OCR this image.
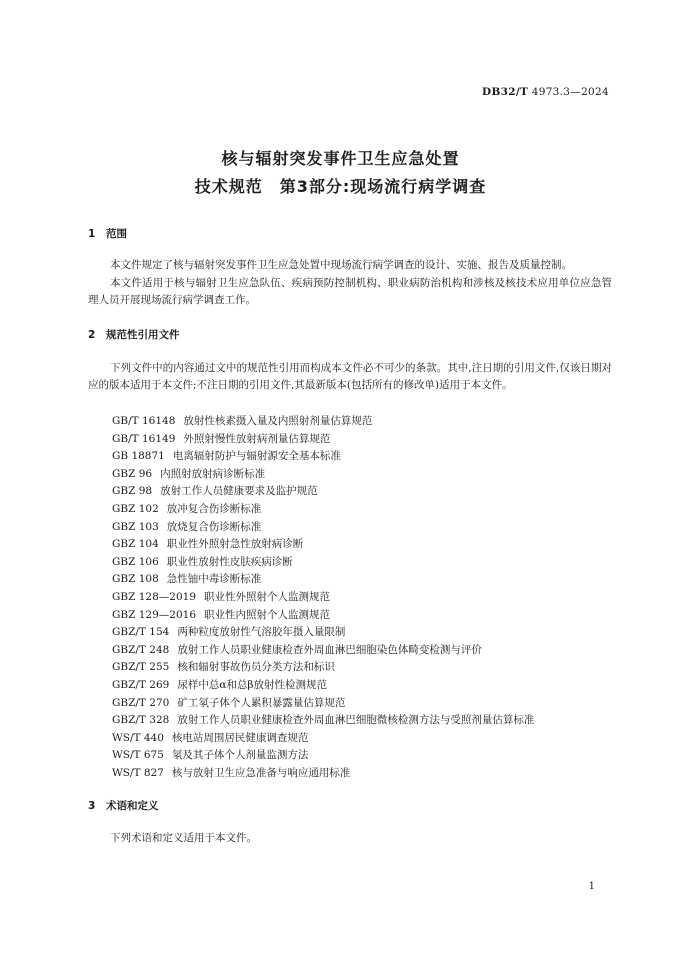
DB32/T 4973.3—2024
核与辐射突发事件卫生应急处置
技术规范　第3部分:现场流行病学调查
1 范围
本文件规定了核与辐射突发事件卫生应急处置中现场流行病学调查的设计、实施、报告及质量控制。
本文件适用于核与辐射卫生应急队伍、疾病预防控制机构、职业病防治机构和涉核及核技术应用单位应急管理人员开展现场流行病学调查工作。
2 规范性引用文件
下列文件中的内容通过文中的规范性引用而构成本文件必不可少的条款。其中,注日期的引用文件,仅该日期对应的版本适用于本文件;不注日期的引用文件,其最新版本(包括所有的修改单)适用于本文件。
GB/T 16148 放射性核素摄入量及内照射剂量估算规范
GB/T 16149 外照射慢性放射病剂量估算规范
GB 18871 电离辐射防护与辐射源安全基本标准
GBZ 96 内照射放射病诊断标准
GBZ 98 放射工作人员健康要求及监护规范
GBZ 102 放冲复合伤诊断标准
GBZ 103 放烧复合伤诊断标准
GBZ 104 职业性外照射急性放射病诊断
GBZ 106 职业性放射性皮肤疾病诊断
GBZ 108 急性铀中毒诊断标准
GBZ 128—2019 职业性外照射个人监测规范
GBZ 129—2016 职业性内照射个人监测规范
GBZ/T 154 两种粒度放射性气溶胶年摄入量限制
GBZ/T 248 放射工作人员职业健康检查外周血淋巴细胞染色体畸变检测与评价
GBZ/T 255 核和辐射事故伤员分类方法和标识
GBZ/T 269 尿样中总α和总β放射性检测规范
GBZ/T 270 矿工氡子体个人累积暴露量估算规范
GBZ/T 328 放射工作人员职业健康检查外周血淋巴细胞微核检测方法与受照剂量估算标准
WS/T 440 核电站周围居民健康调查规范
WS/T 675 氡及其子体个人剂量监测方法
WS/T 827 核与放射卫生应急准备与响应通用标准
3 术语和定义
下列术语和定义适用于本文件。
1
